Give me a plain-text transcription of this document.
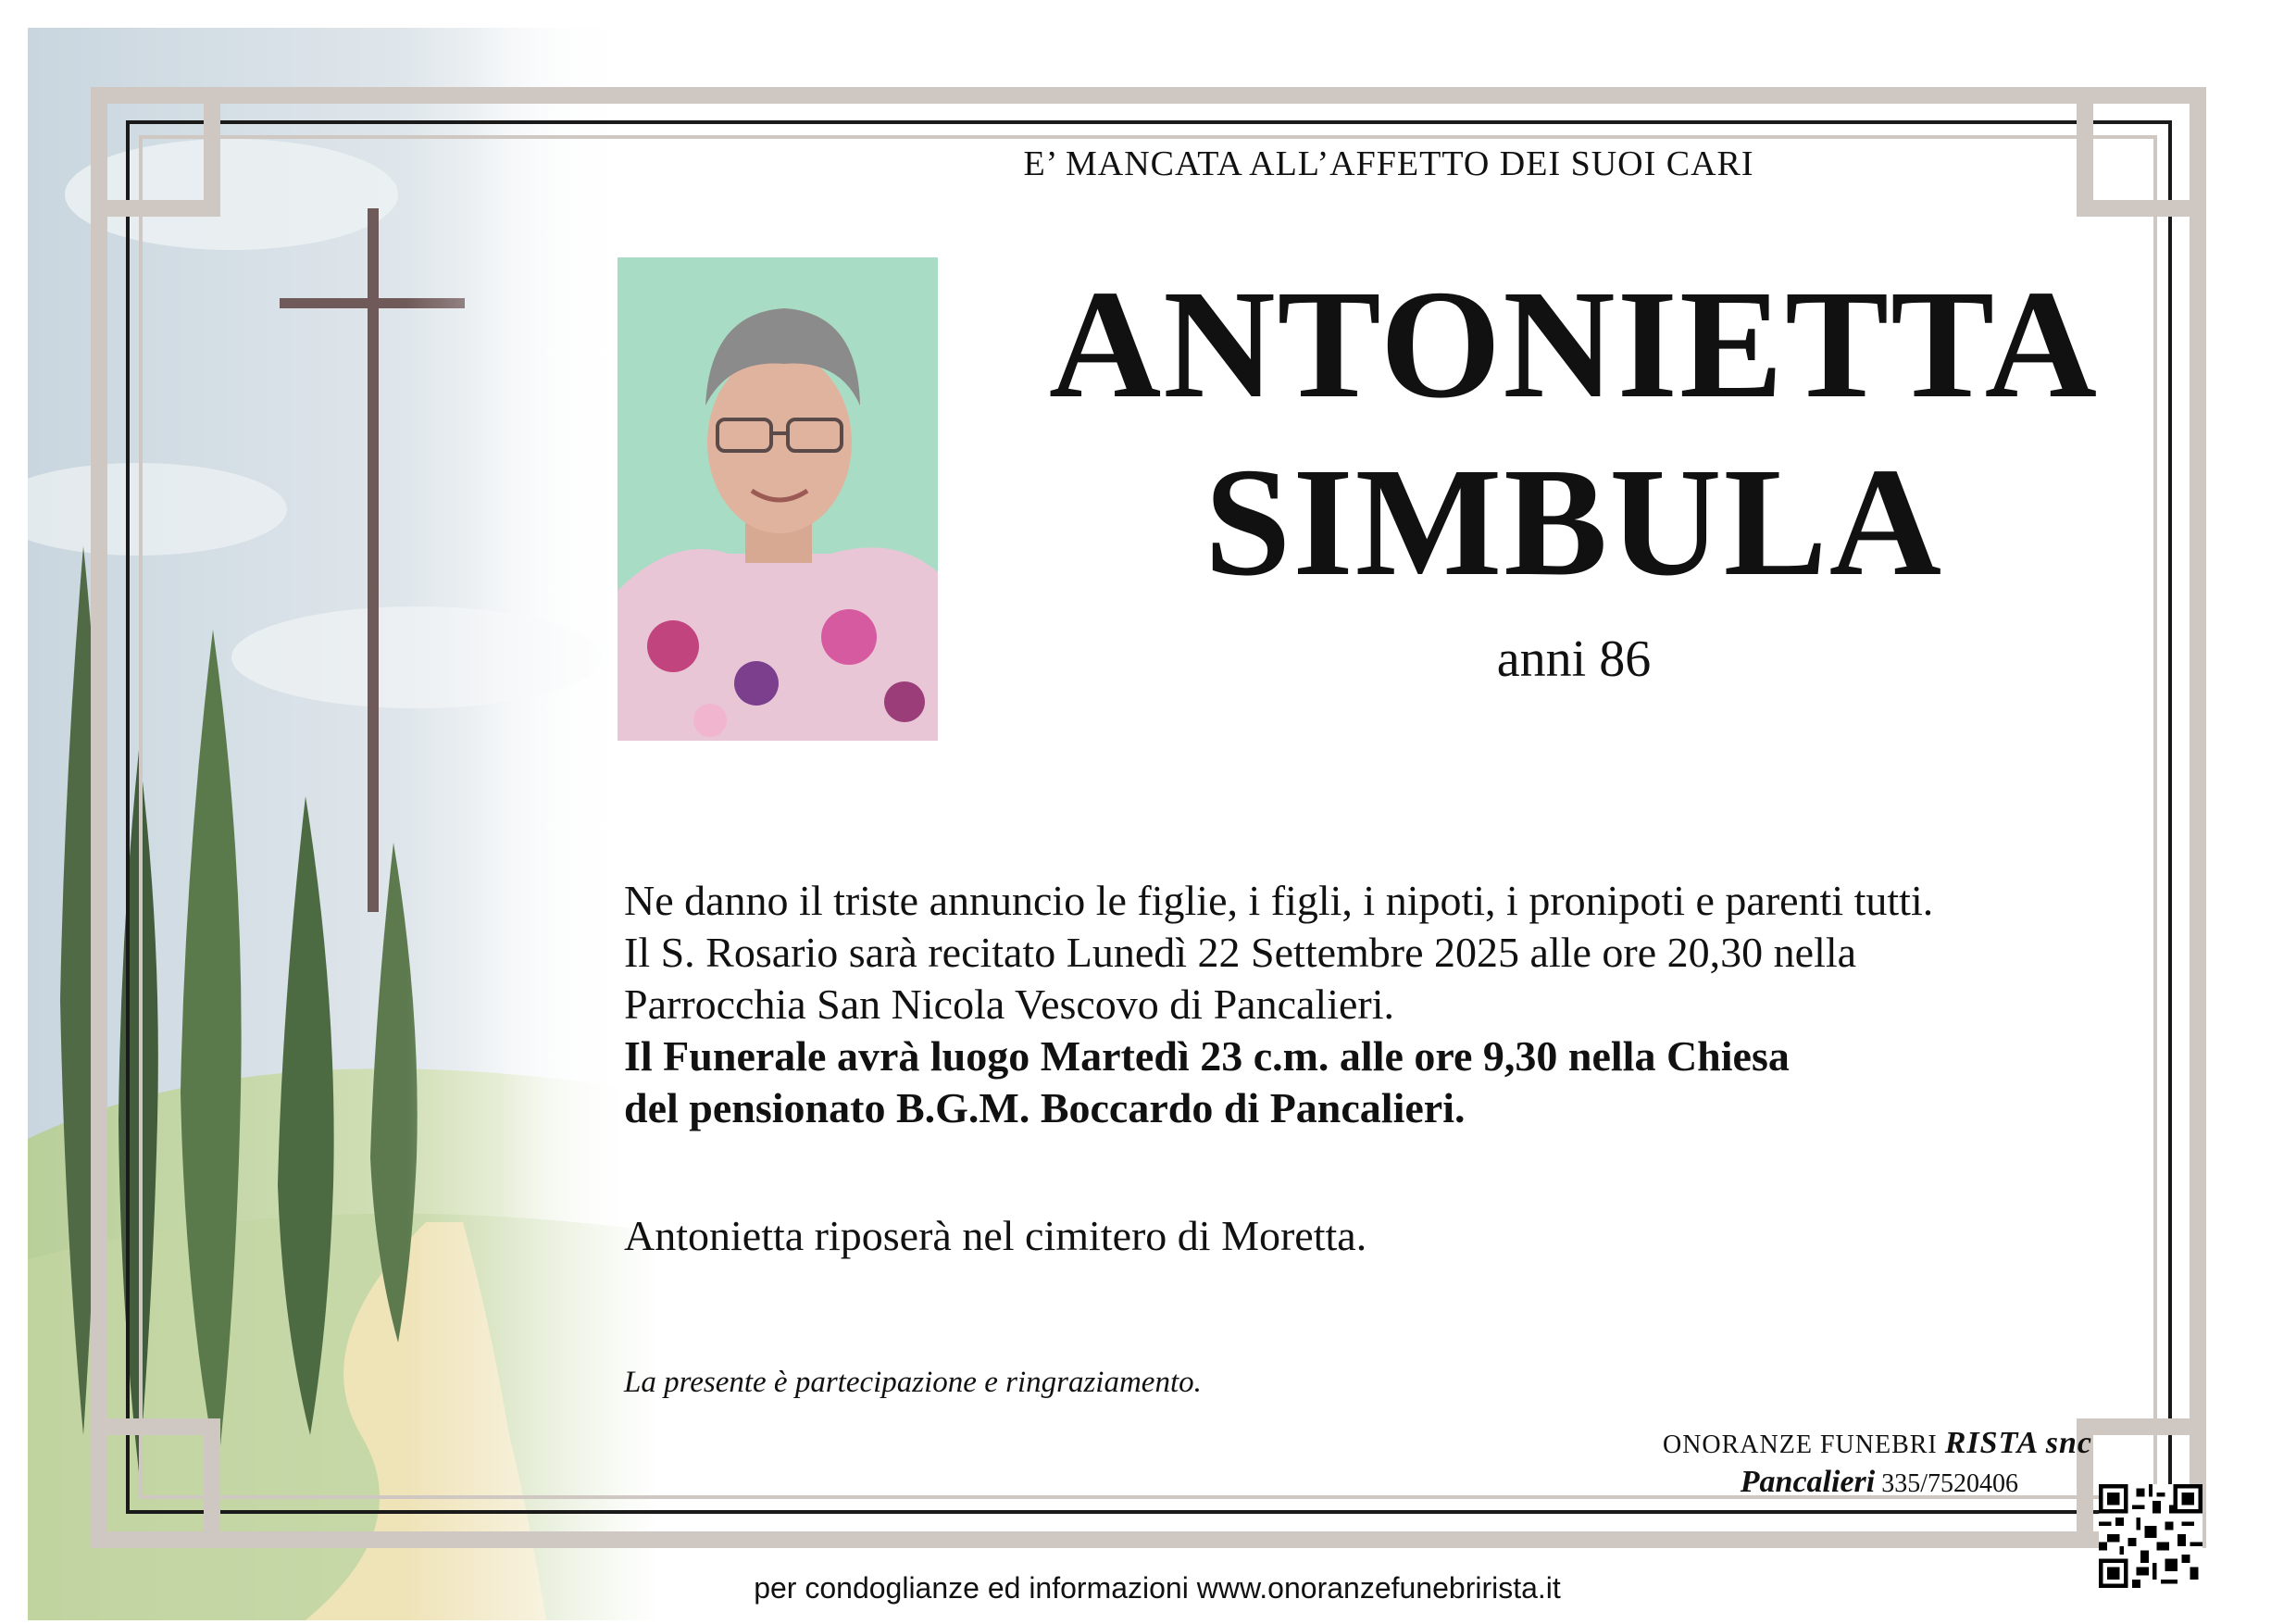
E’ MANCATA ALL’AFFETTO DEI SUOI CARI
ANTONIETTA
SIMBULA
anni 86

Ne danno il triste annuncio le figlie, i figli, i nipoti, i pronipoti e parenti tutti.

Il S. Rosario sarà recitato Lunedì 22 Settembre 2025 alle ore 20,30 nella

Parrocchia San Nicola Vescovo di Pancalieri.

Il Funerale avrà luogo Martedì 23 c.m. alle ore 9,30 nella Chiesa

del pensionato B.G.M. Boccardo di Pancalieri.

Antonietta riposerà nel cimitero di Moretta.
La presente è partecipazione e ringraziamento.
ONORANZE FUNEBRI RISTA snc
Pancalieri 335/7520406
per condoglianze ed informazioni www.onoranzefunebrirista.it
